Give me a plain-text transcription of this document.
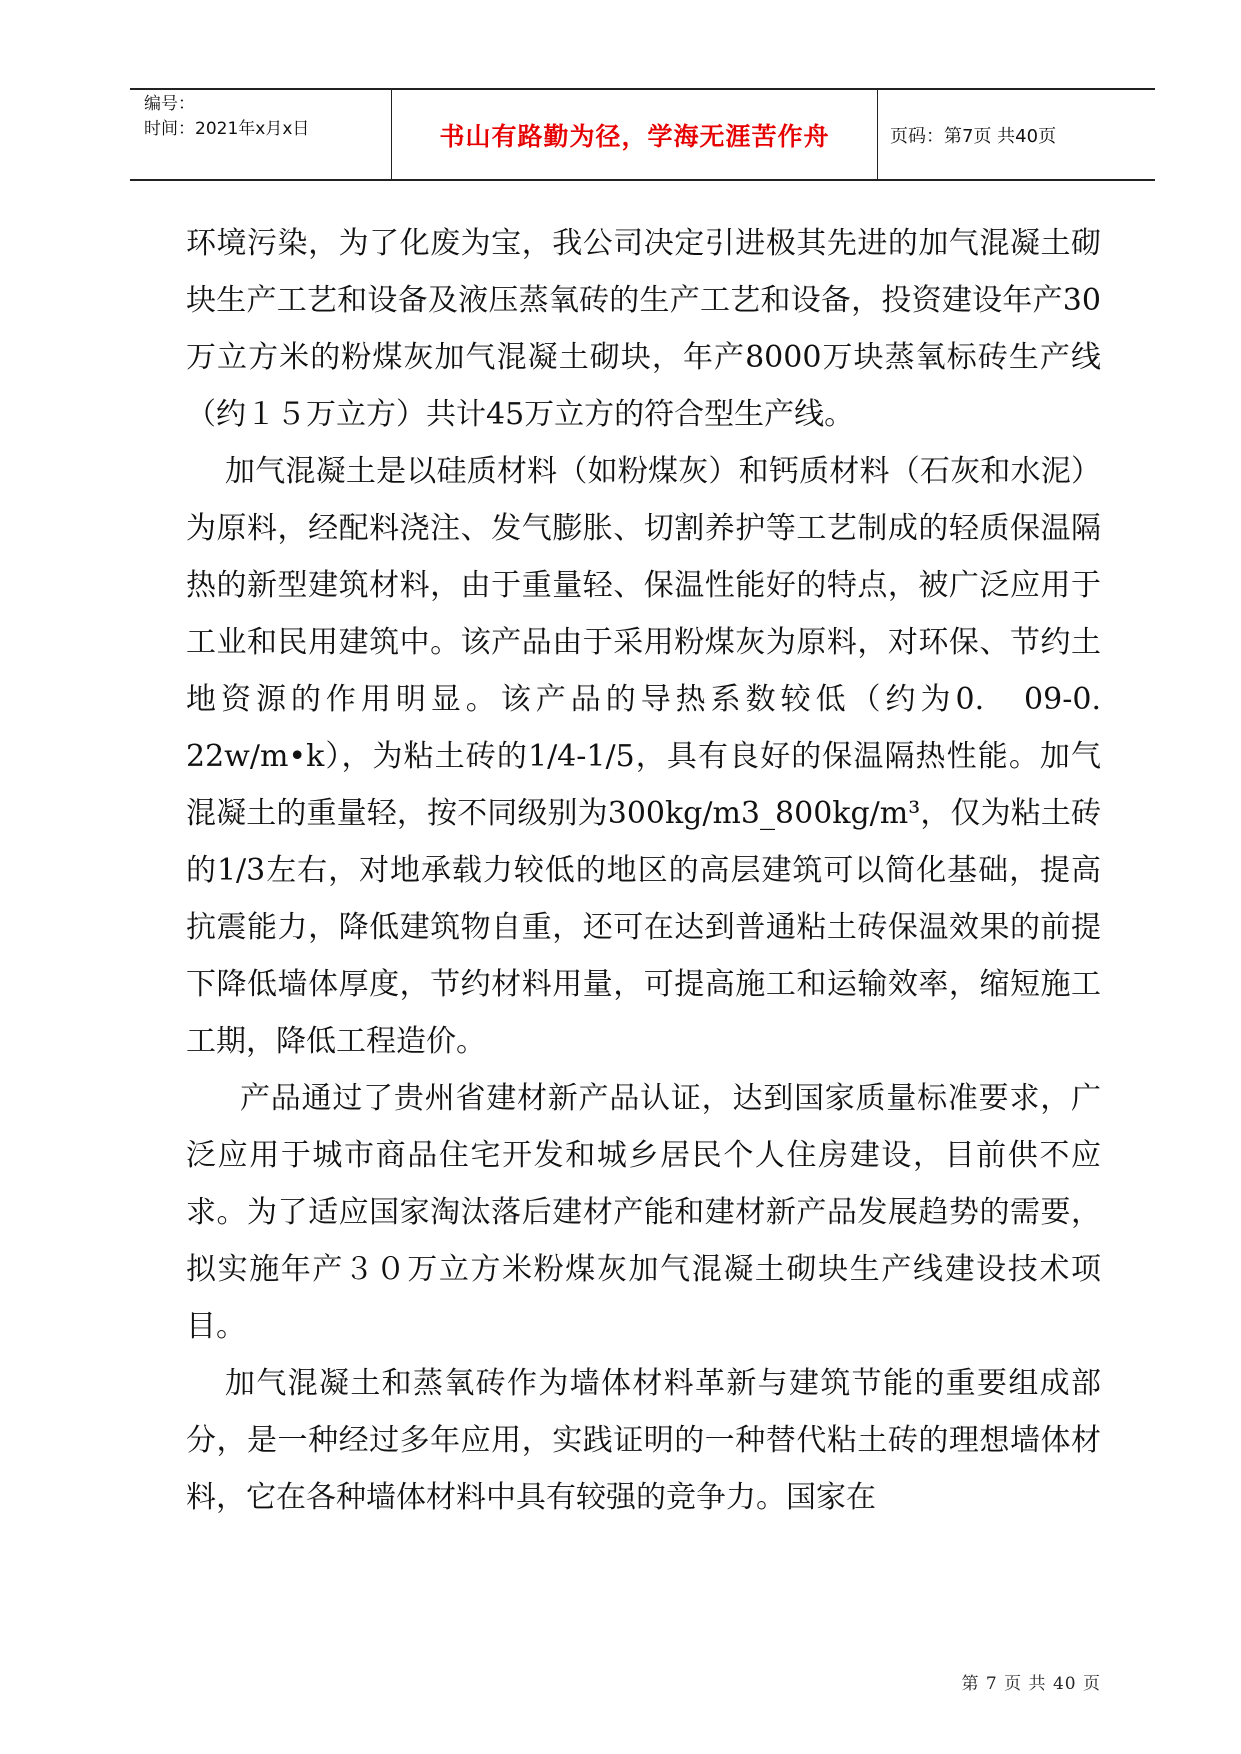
编号：
时间：2021年x月x日	书山有路勤为径，学海无涯苦作舟	页码：第7页 共40页

环境污染，为了化废为宝，我公司决定引进极其先进的加气混凝土砌块生产工艺和设备及液压蒸氧砖的生产工艺和设备，投资建设年产30万立方米的粉煤灰加气混凝土砌块，年产8000万块蒸氧标砖生产线（约１５万立方）共计45万立方的符合型生产线。

加气混凝土是以硅质材料（如粉煤灰）和钙质材料（石灰和水泥）为原料，经配料浇注、发气膨胀、切割养护等工艺制成的轻质保温隔热的新型建筑材料，由于重量轻、保温性能好的特点，被广泛应用于工业和民用建筑中。该产品由于采用粉煤灰为原料，对环保、节约土地资源的作用明显。该产品的导热系数较低（约为0.　09-0.　22w/m•k），为粘土砖的1/4-1/5，具有良好的保温隔热性能。加气混凝土的重量轻，按不同级别为300kg/m3_800kg/m³，仅为粘土砖的1/3左右，对地承载力较低的地区的高层建筑可以简化基础，提高抗震能力，降低建筑物自重，还可在达到普通粘土砖保温效果的前提下降低墙体厚度，节约材料用量，可提高施工和运输效率，缩短施工工期，降低工程造价。

产品通过了贵州省建材新产品认证，达到国家质量标准要求，广泛应用于城市商品住宅开发和城乡居民个人住房建设，目前供不应求。为了适应国家淘汰落后建材产能和建材新产品发展趋势的需要，拟实施年产３０万立方米粉煤灰加气混凝土砌块生产线建设技术项目。

加气混凝土和蒸氧砖作为墙体材料革新与建筑节能的重要组成部分，是一种经过多年应用，实践证明的一种替代粘土砖的理想墙体材料，它在各种墙体材料中具有较强的竞争力。国家在

第 7 页 共 40 页
